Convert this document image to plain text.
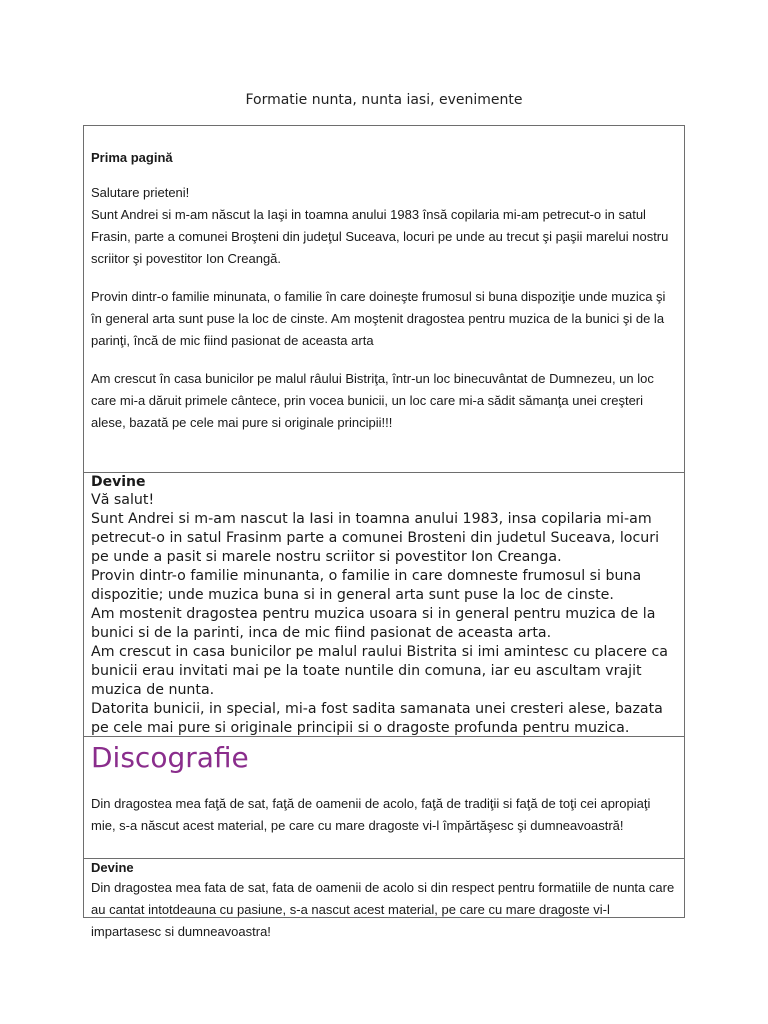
Formatie nunta, nunta iasi, evenimente
Prima pagină

Salutare prieteni!
Sunt Andrei si m-am născut la Iaşi in toamna anului 1983 însă copilaria mi-am petrecut-o in satul Frasin, parte a comunei Broşteni din judeţul Suceava, locuri pe unde au trecut şi paşii marelui nostru scriitor şi povestitor Ion Creangă.

Provin dintr-o familie minunata, o familie în care doineşte frumosul si buna dispoziţie unde muzica şi în general arta sunt puse la loc de cinste. Am moştenit dragostea pentru muzica de la bunici şi de la parinţi, încă de mic fiind pasionat de aceasta arta

Am crescut în casa bunicilor pe malul râului Bistriţa, într-un loc binecuvântat de Dumnezeu, un loc care mi-a dăruit primele cântece, prin vocea bunicii, un loc care mi-a sădit sămanţa unei creşteri alese, bazată pe cele mai pure si originale principii!!!

Devine

Vă salut!

Sunt Andrei si m-am nascut la Iasi in toamna anului 1983, insa copilaria mi-am petrecut-o in satul Frasinm parte a comunei Brosteni din judetul Suceava, locuri pe unde a pasit si marele nostru scriitor si povestitor Ion Creanga.

Provin dintr-o familie minunanta, o familie in care domneste frumosul si buna dispozitie; unde muzica buna si in general arta sunt puse la loc de cinste.

Am mostenit dragostea pentru muzica usoara si in general pentru muzica de la bunici si de la parinti, inca de mic fiind pasionat de aceasta arta.

Am crescut in casa bunicilor pe malul raului Bistrita si imi amintesc cu placere ca bunicii erau invitati mai pe la toate nuntile din comuna, iar eu ascultam vrajit muzica de nunta.

Datorita bunicii, in special, mi-a fost sadita samanata unei cresteri alese, bazata pe cele mai pure si originale principii si o dragoste profunda pentru muzica.

Discografie

Din dragostea mea faţă de sat, faţă de oamenii de acolo, faţă de tradiţii si faţă de toţi cei apropiaţi mie, s-a născut acest material, pe care cu mare dragoste vi-l împărtăşesc şi dumneavoastră!

Devine

Din dragostea mea fata de sat, fata de oamenii de acolo si din respect pentru formatiile de nunta care au cantat intotdeauna cu pasiune, s-a nascut acest material, pe care cu mare dragoste vi-l impartasesc si dumneavoastra!
